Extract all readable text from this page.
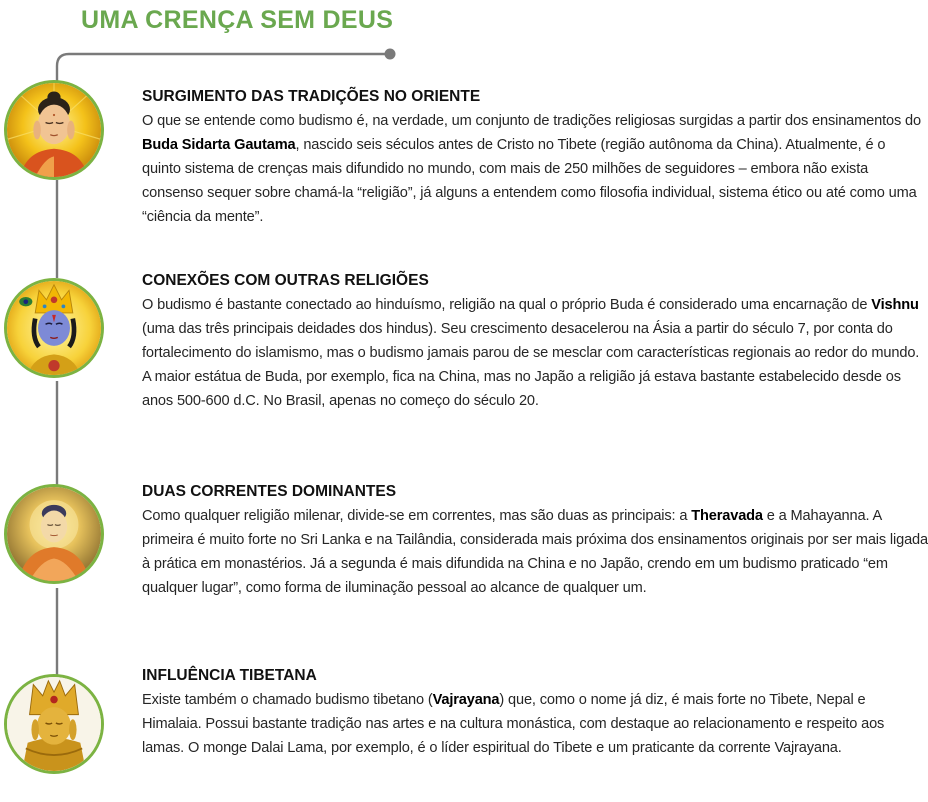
UMA CRENÇA SEM DEUS
SURGIMENTO DAS TRADIÇÕES NO ORIENTE

O que se entende como budismo é, na verdade, um conjunto de tradições religiosas surgidas a partir dos ensinamentos do Buda Sidarta Gautama, nascido seis séculos antes de Cristo no Tibete (região autônoma da China). Atualmente, é o quinto sistema de crenças mais difundido no mundo, com mais de 250 milhões de seguidores – embora não exista consenso sequer sobre chamá-la “religião”, já alguns a entendem como filosofia individual, sistema ético ou até como uma “ciência da mente”.

CONEXÕES COM OUTRAS RELIGIÕES

O budismo é bastante conectado ao hinduísmo, religião na qual o próprio Buda é considerado uma encarnação de Vishnu (uma das três principais deidades dos hindus). Seu crescimento desacelerou na Ásia a partir do século 7, por conta do fortalecimento do islamismo, mas o budismo jamais parou de se mesclar com características regionais ao redor do mundo. A maior estátua de Buda, por exemplo, fica na China, mas no Japão a religião já estava bastante estabelecido desde os anos 500-600 d.C. No Brasil, apenas no começo do século 20.

DUAS CORRENTES DOMINANTES

Como qualquer religião milenar, divide-se em correntes, mas são duas as principais: a Theravada e a Mahayanna. A primeira é muito forte no Sri Lanka e na Tailândia, considerada mais próxima dos ensinamentos originais por ser mais ligada à prática em monastérios. Já a segunda é mais difundida na China e no Japão, crendo em um budismo praticado “em qualquer lugar”, como forma de iluminação pessoal ao alcance de qualquer um.

INFLUÊNCIA TIBETANA

Existe também o chamado budismo tibetano (Vajrayana) que, como o nome já diz, é mais forte no Tibete, Nepal e Himalaia. Possui bastante tradição nas artes e na cultura monástica, com destaque ao relacionamento e respeito aos lamas. O monge Dalai Lama, por exemplo, é o líder espiritual do Tibete e um praticante da corrente Vajrayana.
